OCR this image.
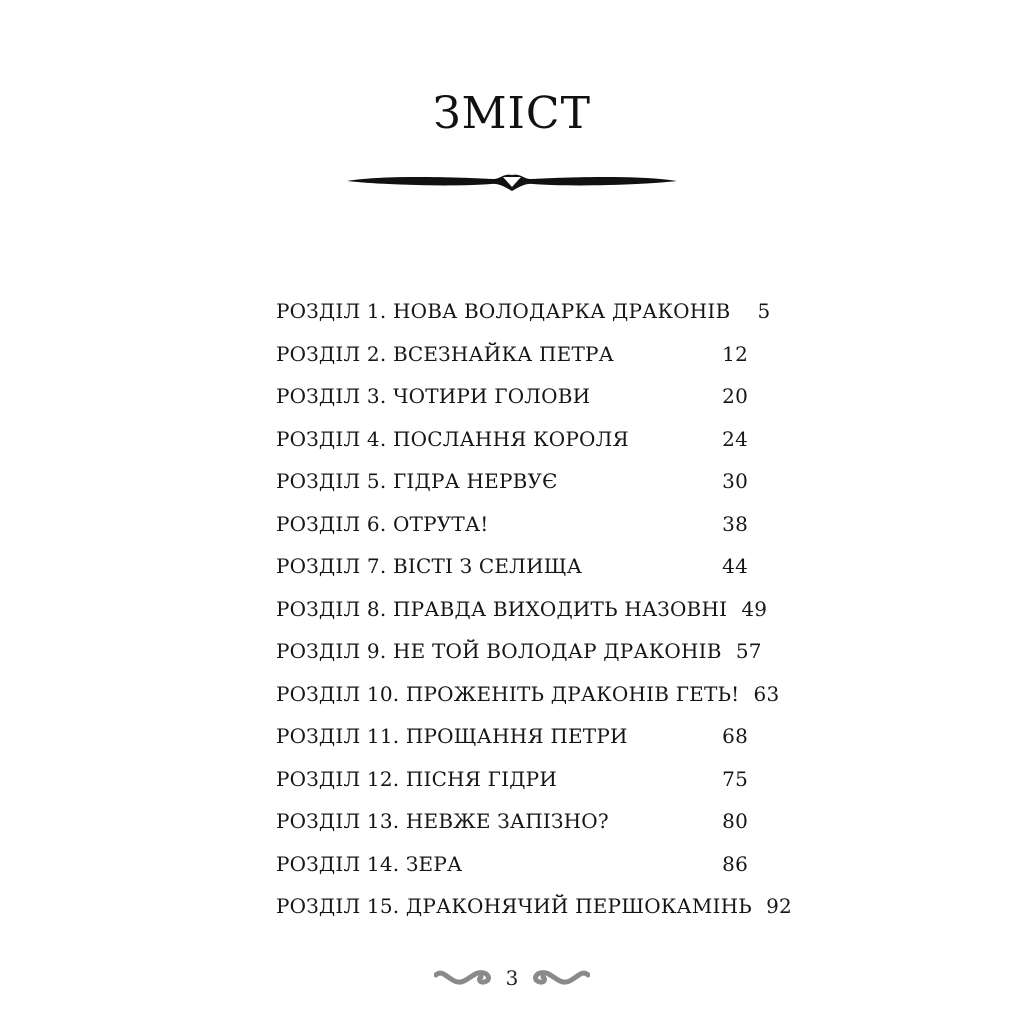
ЗМІСТ
РОЗДІЛ 1. НОВА ВОЛОДАРКА ДРАКОНІВ	5
РОЗДІЛ 2. ВСЕЗНАЙКА ПЕТРА	12
РОЗДІЛ 3. ЧОТИРИ ГОЛОВИ	20
РОЗДІЛ 4. ПОСЛАННЯ КОРОЛЯ	24
РОЗДІЛ 5. ГІДРА НЕРВУЄ	30
РОЗДІЛ 6. ОТРУТА!	38
РОЗДІЛ 7. ВІСТІ З СЕЛИЩА	44
РОЗДІЛ 8. ПРАВДА ВИХОДИТЬ НАЗОВНІ 49
РОЗДІЛ 9. НЕ ТОЙ ВОЛОДАР ДРАКОНІВ 57
РОЗДІЛ 10. ПРОЖЕНІТЬ ДРАКОНІВ ГЕТЬ! 63
РОЗДІЛ 11. ПРОЩАННЯ ПЕТРИ	68
РОЗДІЛ 12. ПІСНЯ ГІДРИ	75
РОЗДІЛ 13. НЕВЖЕ ЗАПІЗНО?	80
РОЗДІЛ 14. ЗЕРА	86
РОЗДІЛ 15. ДРАКОНЯЧИЙ ПЕРШОКАМІНЬ 92
3
